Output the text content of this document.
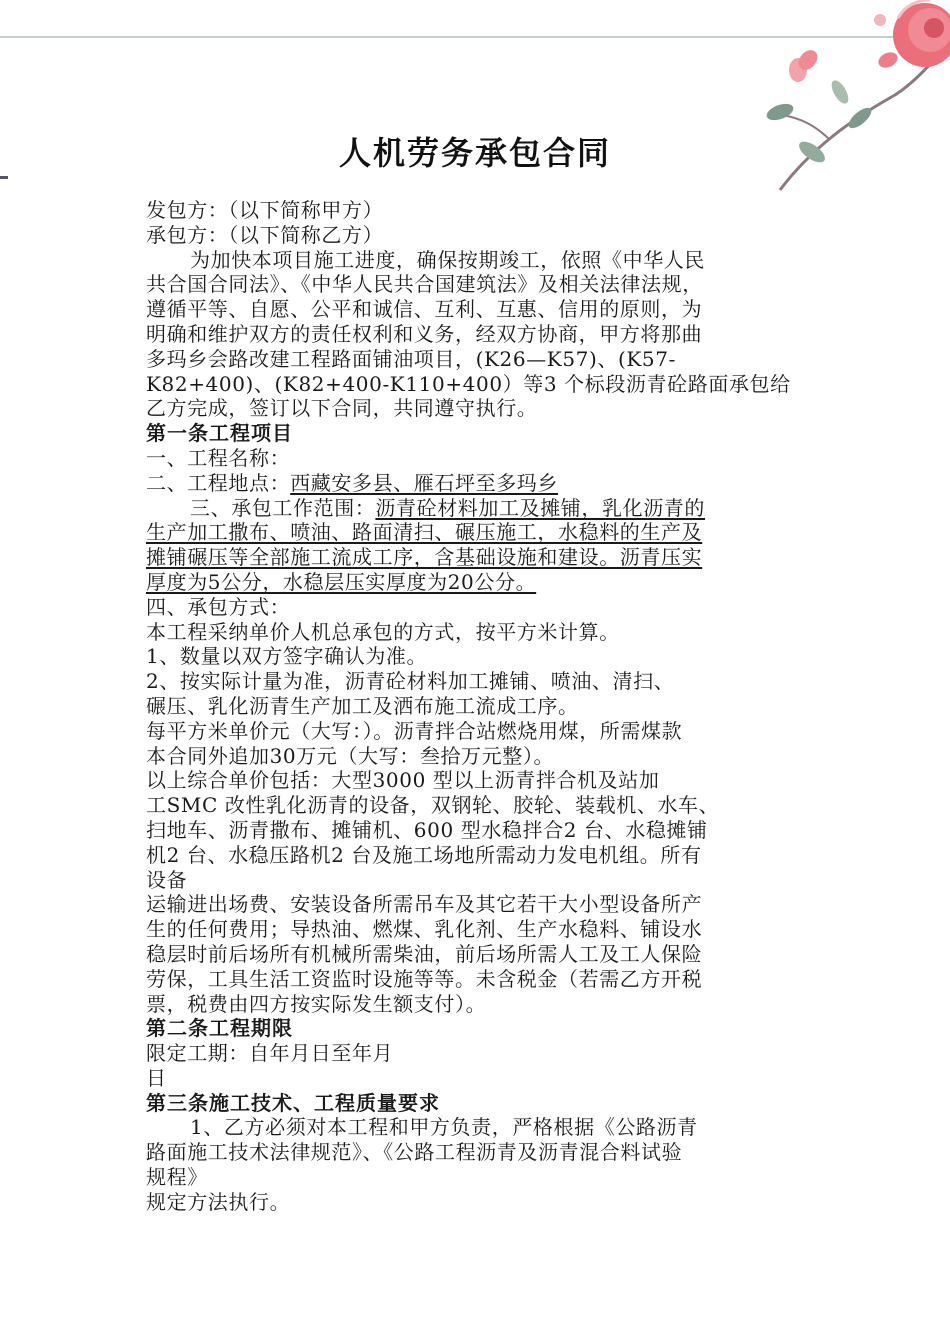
人机劳务承包合同
发包方：（以下简称甲方）
承包方：（以下简称乙方）
为加快本项目施工进度，确保按期竣工，依照《中华人民
共合国合同法》、《中华人民共合国建筑法》及相关法律法规，
遵循平等、自愿、公平和诚信、互利、互惠、信用的原则，为
明确和维护双方的责任权利和义务，经双方协商，甲方将那曲
多玛乡会路改建工程路面铺油项目，(K26—K57)、(K57-
K82+400)、(K82+400-K110+400）等3 个标段沥青砼路面承包给
乙方完成，签订以下合同，共同遵守执行。
第一条工程项目
一、工程名称：
二、工程地点：西藏安多县、雁石坪至多玛乡
三、承包工作范围：沥青砼材料加工及摊铺，乳化沥青的
生产加工撒布、喷油、路面清扫、碾压施工，水稳料的生产及
摊铺碾压等全部施工流成工序，含基础设施和建设。沥青压实
厚度为5公分，水稳层压实厚度为20公分。
四、承包方式：
本工程采纳单价人机总承包的方式，按平方米计算。
1、数量以双方签字确认为准。
2、按实际计量为准，沥青砼材料加工摊铺、喷油、清扫、
碾压、乳化沥青生产加工及洒布施工流成工序。
每平方米单价元（大写：）。沥青拌合站燃烧用煤，所需煤款
本合同外追加30万元（大写：叁拾万元整）。
以上综合单价包括：大型3000 型以上沥青拌合机及站加
工SMC 改性乳化沥青的设备，双钢轮、胶轮、装载机、水车、
扫地车、沥青撒布、摊铺机、600 型水稳拌合2 台、水稳摊铺
机2 台、水稳压路机2 台及施工场地所需动力发电机组。所有
设备
运输进出场费、安装设备所需吊车及其它若干大小型设备所产
生的任何费用；导热油、燃煤、乳化剂、生产水稳料、铺设水
稳层时前后场所有机械所需柴油，前后场所需人工及工人保险
劳保，工具生活工资监时设施等等。未含税金（若需乙方开税
票，税费由四方按实际发生额支付）。
第二条工程期限
限定工期：自年月日至年月
日
第三条施工技术、工程质量要求
1、乙方必须对本工程和甲方负责，严格根据《公路沥青
路面施工技术法律规范》、《公路工程沥青及沥青混合料试验
规程》
规定方法执行。
